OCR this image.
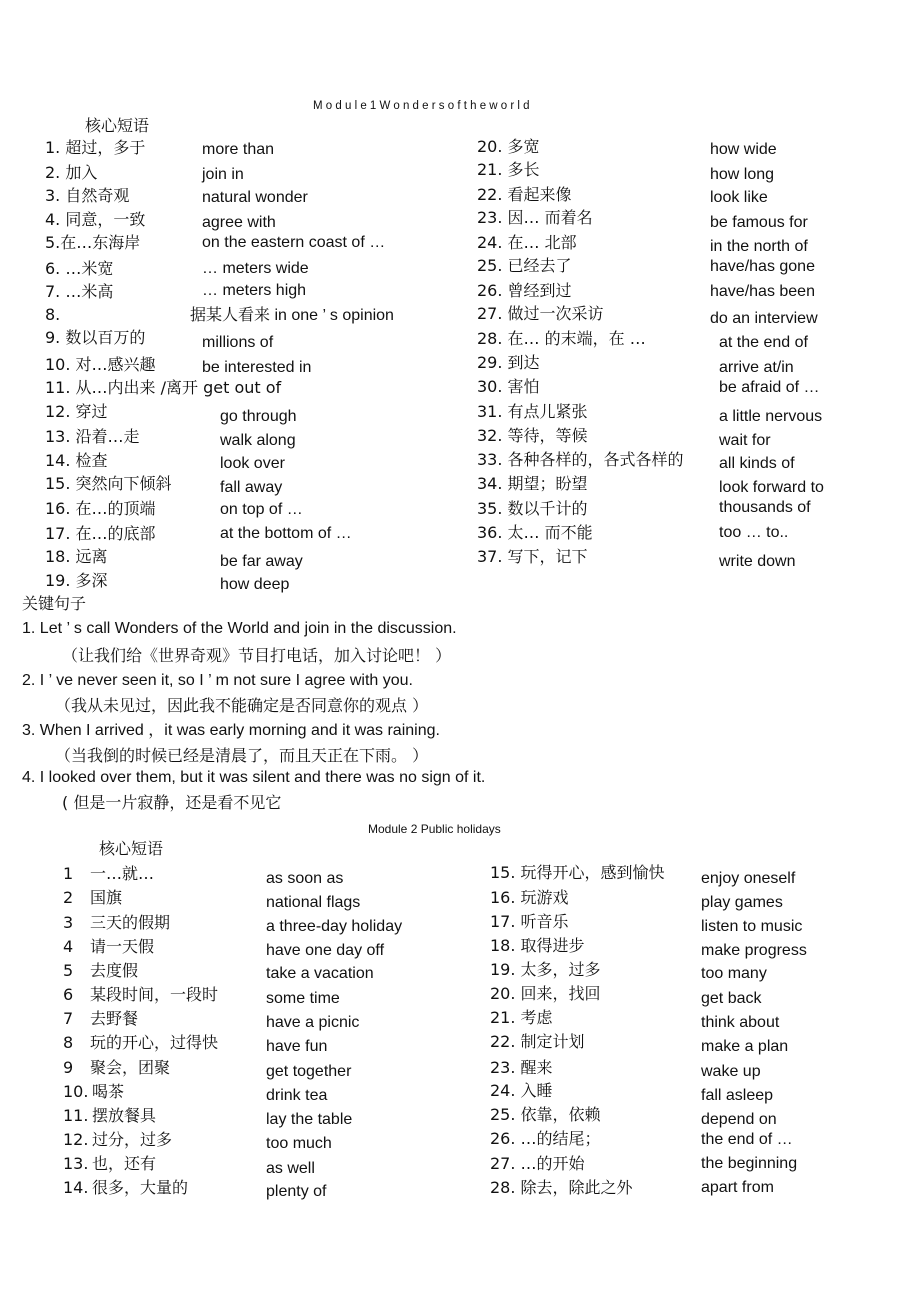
Module1Wondersoftheworld
核心短语
1. 超过，多于
2. 加入
3. 自然奇观
4. 同意，一致
5.在…东海岸
6. …米宽
7. …米高
8.
9. 数以百万的
10. 对…感兴趣
11. 从…内出来 /离开 get out of
12. 穿过
13. 沿着…走
14. 检查
15. 突然向下倾斜
16. 在…的顶端
17. 在…的底部
18. 远离
19. 多深
more than
join in
natural wonder
agree with
on the eastern coast of …
… meters wide
… meters high
据某人看来 in one ’ s opinion
millions of
be interested in
go through
walk along
look over
fall away
on top of …
at the bottom of …
be far away
how deep
20. 多宽
21. 多长
22. 看起来像
23. 因… 而着名
24. 在… 北部
25. 已经去了
26. 曾经到过
27. 做过一次采访
28. 在… 的末端，在 …
29. 到达
30. 害怕
31. 有点儿紧张
32. 等待，等候
33. 各种各样的，各式各样的
34. 期望；盼望
35. 数以千计的
36. 太… 而不能
37. 写下，记下
how wide
how long
look like
be famous for
in the north of
have/has gone
have/has been
do an interview
at the end of
arrive at/in
be afraid of …
a little nervous
wait for
all kinds of
look forward to
thousands of
too … to..
write down
关键句子
1. Let ’ s call Wonders of the World and join in the discussion.
（让我们给《世界奇观》节目打电话，加入讨论吧！ ）
2. I ’ ve never seen it, so I ’ m not sure I agree with you.
（我从未见过，因此我不能确定是否同意你的观点 ）
3. When I arrived ，it was early morning and it was raining.
（当我倒的时候已经是清晨了，而且天正在下雨。 ）
4. I looked over them, but it was silent and there was no sign of it.
( 但是一片寂静，还是看不见它
Module 2 Public holidays
核心短语
1
2
3
4
5
6
7
8
9
10.
11.
12.
13.
14.
一…就…
国旗
三天的假期
请一天假
去度假
某段时间，一段时
去野餐
玩的开心，过得快
聚会，团聚
喝茶
摆放餐具
过分，过多
也，还有
很多，大量的
as soon as
national flags
a three-day holiday
have one day off
take a vacation
some time
have a picnic
have fun
get together
drink tea
lay the table
too much
as well
plenty of
15. 玩得开心，感到愉快
16. 玩游戏
17. 听音乐
18. 取得进步
19. 太多，过多
20. 回来，找回
21. 考虑
22. 制定计划
23. 醒来
24. 入睡
25. 依靠，依赖
26. …的结尾；
27. …的开始
28. 除去，除此之外
enjoy oneself
play games
listen to music
make progress
too many
get back
think about
make a plan
wake up
fall asleep
depend on
the end of …
the beginning
apart from
